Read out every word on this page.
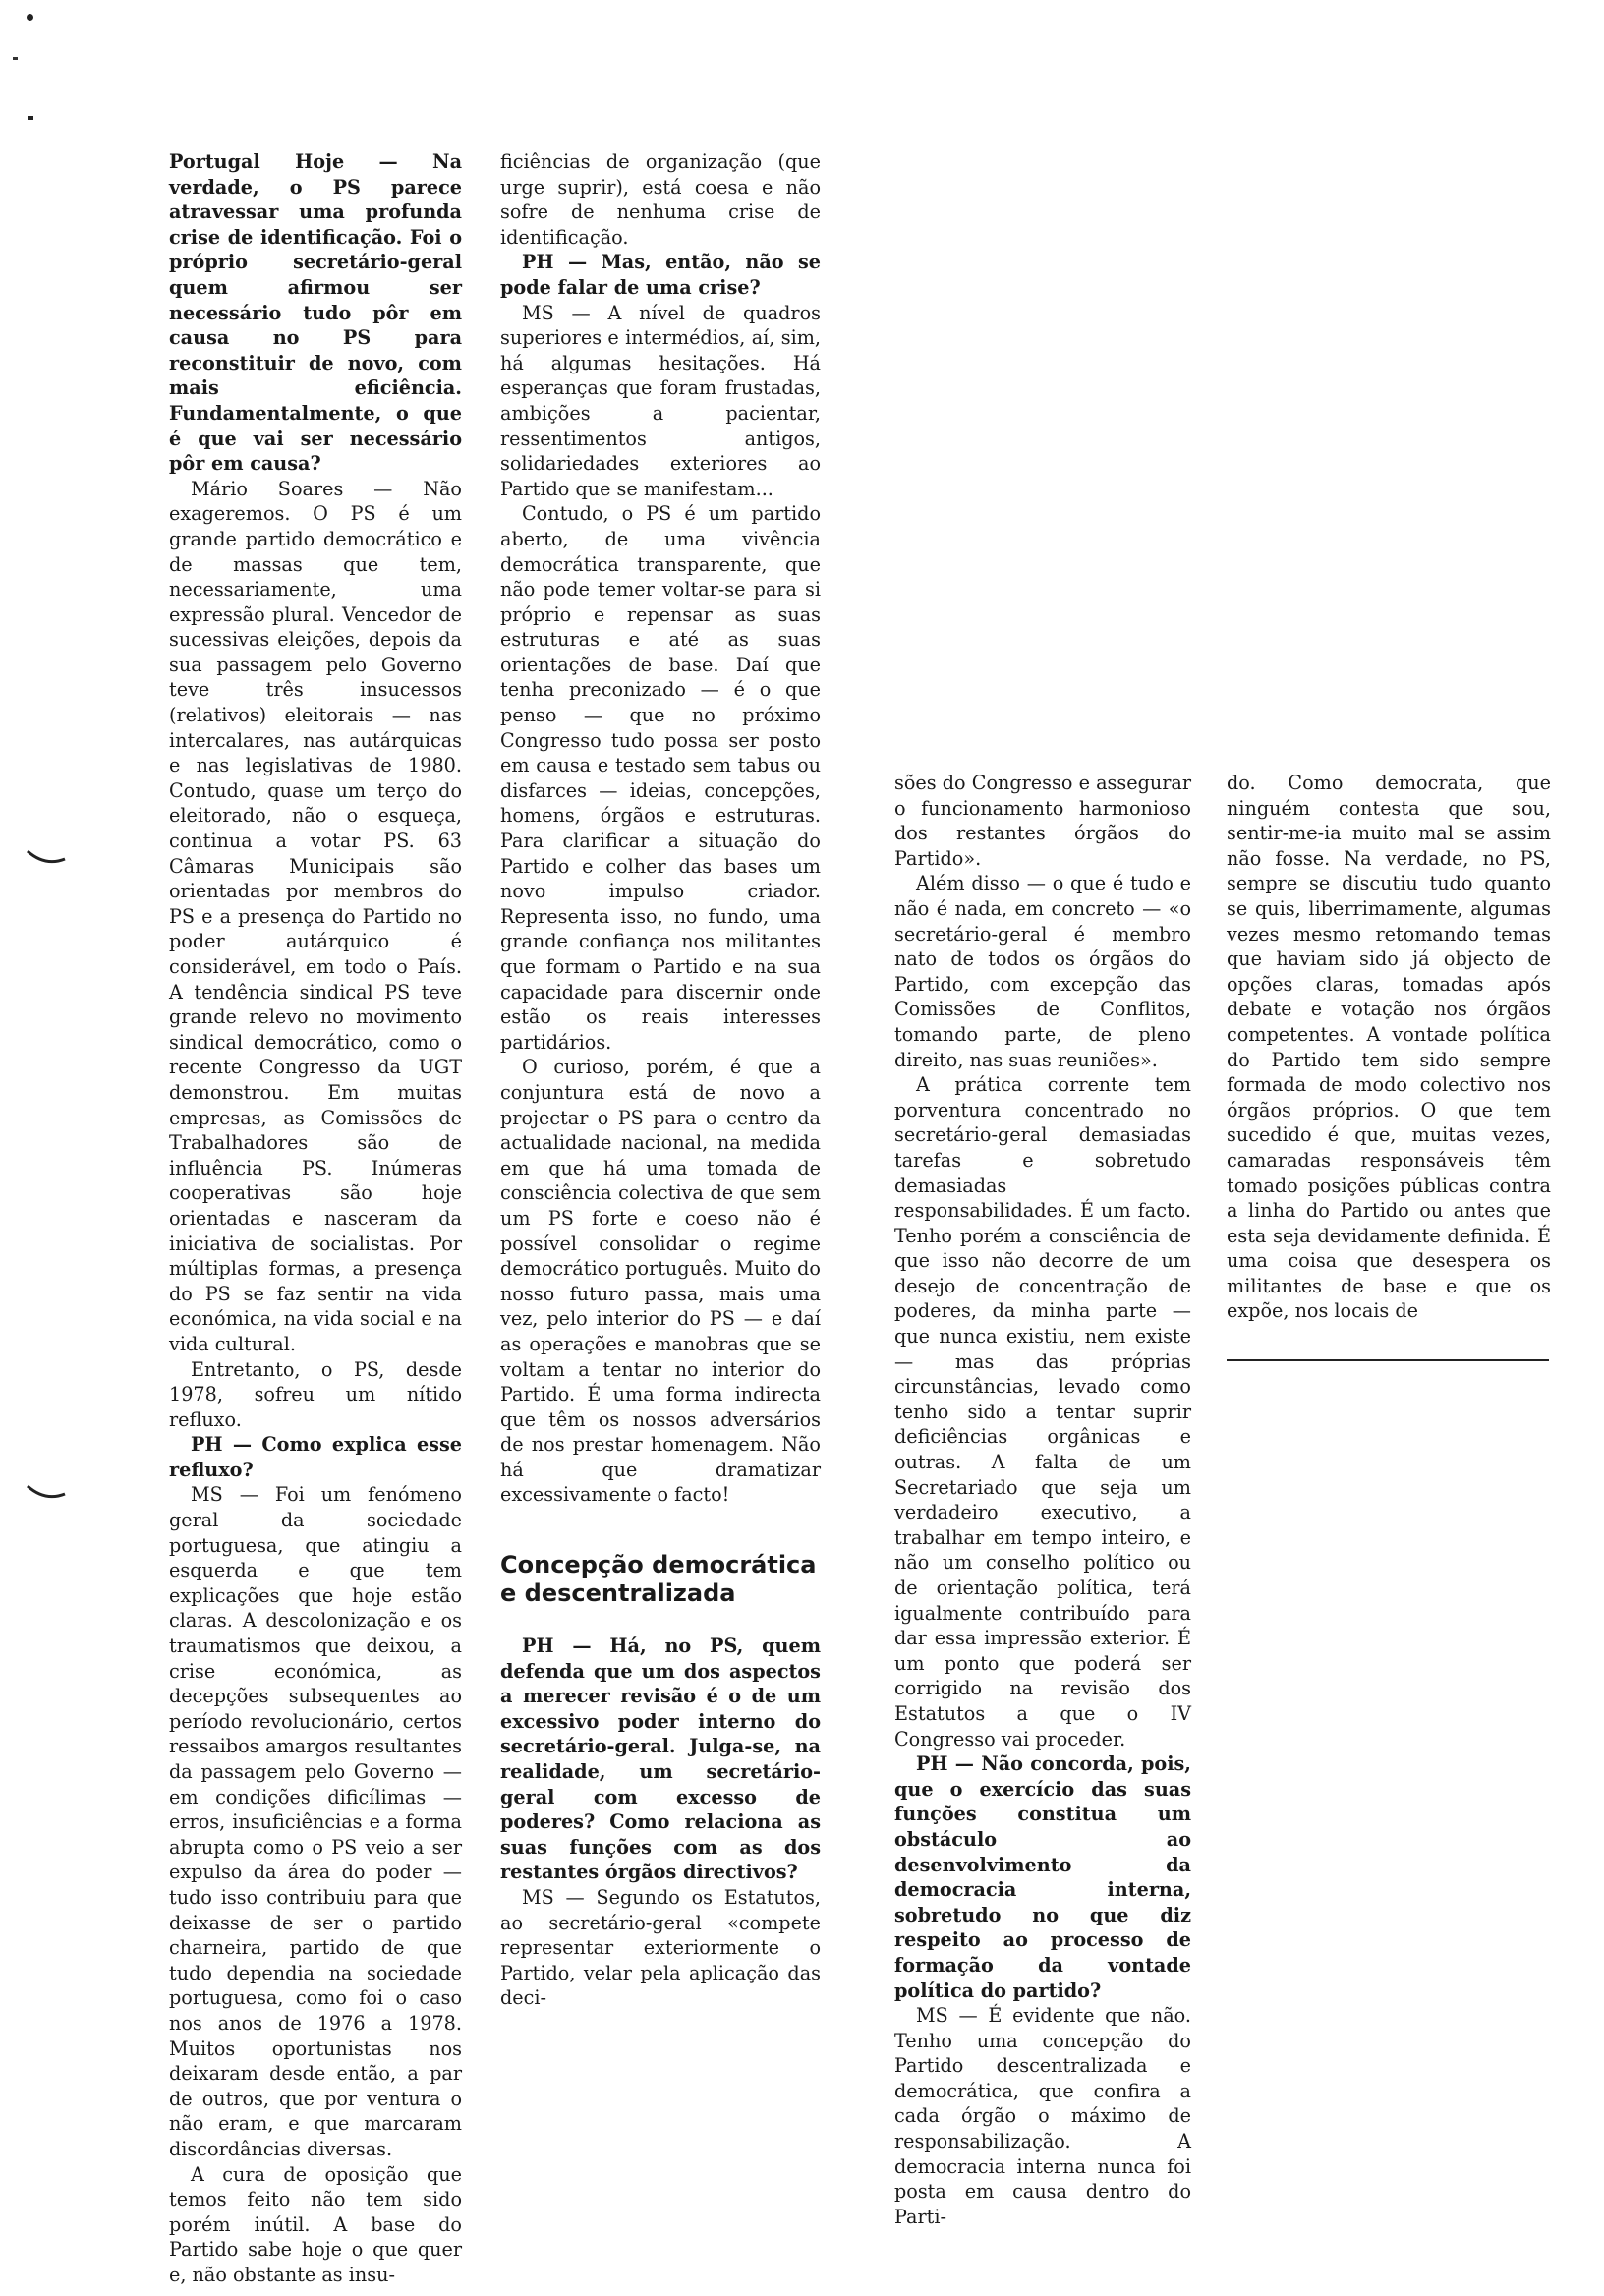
Portugal Hoje — Na verdade, o PS parece atravessar uma profunda crise de identificação. Foi o próprio secretário-geral quem afirmou ser necessário tudo pôr em causa no PS para reconstituir de novo, com mais eficiência. Fundamentalmente, o que é que vai ser necessário pôr em causa?

Mário Soares — Não exageremos. O PS é um grande partido democrático e de massas que tem, necessariamente, uma expressão plural. Vencedor de sucessivas eleições, depois da sua passagem pelo Governo teve três insucessos (relativos) eleitorais — nas intercalares, nas autárquicas e nas legislativas de 1980. Contudo, quase um terço do eleitorado, não o esqueça, continua a votar PS. 63 Câmaras Municipais são orientadas por membros do PS e a presença do Partido no poder autárquico é considerável, em todo o País. A tendência sindical PS teve grande relevo no movimento sindical democrático, como o recente Congresso da UGT demonstrou. Em muitas empresas, as Comissões de Trabalhadores são de influência PS. Inúmeras cooperativas são hoje orientadas e nasceram da iniciativa de socialistas. Por múltiplas formas, a presença do PS se faz sentir na vida económica, na vida social e na vida cultural.

Entretanto, o PS, desde 1978, sofreu um nítido refluxo.

PH — Como explica esse refluxo?

MS — Foi um fenómeno geral da sociedade portuguesa, que atingiu a esquerda e que tem explicações que hoje estão claras. A descolonização e os traumatismos que deixou, a crise económica, as decepções subsequentes ao período revolucionário, certos ressaibos amargos resultantes da passagem pelo Governo — em condições dificílimas — erros, insuficiências e a forma abrupta como o PS veio a ser expulso da área do poder — tudo isso contribuiu para que deixasse de ser o partido charneira, partido de que tudo dependia na sociedade portuguesa, como foi o caso nos anos de 1976 a 1978. Muitos oportunistas nos deixaram desde então, a par de outros, que por ventura o não eram, e que marcaram discordâncias diversas.

A cura de oposição que temos feito não tem sido porém inútil. A base do Partido sabe hoje o que quer e, não obstante as insu-

ficiências de organização (que urge suprir), está coesa e não sofre de nenhuma crise de identificação.

PH — Mas, então, não se pode falar de uma crise?

MS — A nível de quadros superiores e intermédios, aí, sim, há algumas hesitações. Há esperanças que foram frustadas, ambições a pacientar, ressentimentos antigos, solidariedades exteriores ao Partido que se manifestam...

Contudo, o PS é um partido aberto, de uma vivência democrática transparente, que não pode temer voltar-se para si próprio e repensar as suas estruturas e até as suas orientações de base. Daí que tenha preconizado — é o que penso — que no próximo Congresso tudo possa ser posto em causa e testado sem tabus ou disfarces — ideias, concepções, homens, órgãos e estruturas. Para clarificar a situação do Partido e colher das bases um novo impulso criador. Representa isso, no fundo, uma grande confiança nos militantes que formam o Partido e na sua capacidade para discernir onde estão os reais interesses partidários.

O curioso, porém, é que a conjuntura está de novo a projectar o PS para o centro da actualidade nacional, na medida em que há uma tomada de consciência colectiva de que sem um PS forte e coeso não é possível consolidar o regime democrático português. Muito do nosso futuro passa, mais uma vez, pelo interior do PS — e daí as operações e manobras que se voltam a tentar no interior do Partido. É uma forma indirecta que têm os nossos adversários de nos prestar homenagem. Não há que dramatizar excessivamente o facto!

Concepção democrática e descentralizada

PH — Há, no PS, quem defenda que um dos aspectos a merecer revisão é o de um excessivo poder interno do secretário-geral. Julga-se, na realidade, um secretário-geral com excesso de poderes? Como relaciona as suas funções com as dos restantes órgãos directivos?

MS — Segundo os Estatutos, ao secretário-geral «compete representar exteriormente o Partido, velar pela aplicação das deci-

sões do Congresso e assegurar o funcionamento harmonioso dos restantes órgãos do Partido».

Além disso — o que é tudo e não é nada, em concreto — «o secretário-geral é membro nato de todos os órgãos do Partido, com excepção das Comissões de Conflitos, tomando parte, de pleno direito, nas suas reuniões».

A prática corrente tem porventura concentrado no secretário-geral demasiadas tarefas e sobretudo demasiadas responsabilidades. É um facto. Tenho porém a consciência de que isso não decorre de um desejo de concentração de poderes, da minha parte — que nunca existiu, nem existe — mas das próprias circunstâncias, levado como tenho sido a tentar suprir deficiências orgânicas e outras. A falta de um Secretariado que seja um verdadeiro executivo, a trabalhar em tempo inteiro, e não um conselho político ou de orientação política, terá igualmente contribuído para dar essa impressão exterior. É um ponto que poderá ser corrigido na revisão dos Estatutos a que o IV Congresso vai proceder.

PH — Não concorda, pois, que o exercício das suas funções constitua um obstáculo ao desenvolvimento da democracia interna, sobretudo no que diz respeito ao processo de formação da vontade política do partido?

MS — É evidente que não. Tenho uma concepção do Partido descentralizada e democrática, que confira a cada órgão o máximo de responsabilização. A democracia interna nunca foi posta em causa dentro do Parti-

do. Como democrata, que ninguém contesta que sou, sentir-me-ia muito mal se assim não fosse. Na verdade, no PS, sempre se discutiu tudo quanto se quis, liberrimamente, algumas vezes mesmo retomando temas que haviam sido já objecto de opções claras, tomadas após debate e votação nos órgãos competentes. A vontade política do Partido tem sido sempre formada de modo colectivo nos órgãos próprios. O que tem sucedido é que, muitas vezes, camaradas responsáveis têm tomado posições públicas contra a linha do Partido ou antes que esta seja devidamente definida. É uma coisa que desespera os militantes de base e que os expõe, nos locais de
